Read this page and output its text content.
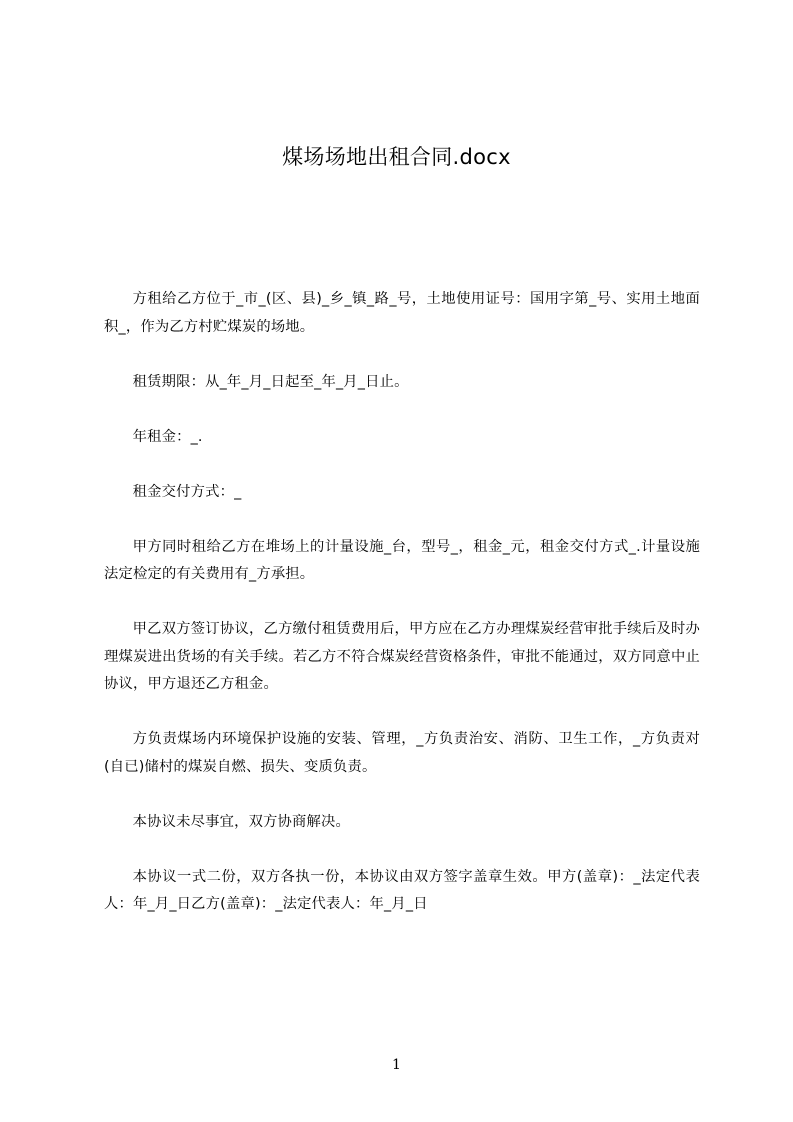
煤场场地出租合同.docx

方租给乙方位于_市_(区、县)_乡_镇_路_号，土地使用证号：国用字第_号、实用土地面积_，作为乙方村贮煤炭的场地。

租赁期限：从_年_月_日起至_年_月_日止。

年租金：_.

租金交付方式：_

甲方同时租给乙方在堆场上的计量设施_台，型号_，租金_元，租金交付方式_.计量设施法定检定的有关费用有_方承担。

甲乙双方签订协议，乙方缴付租赁费用后，甲方应在乙方办理煤炭经营审批手续后及时办理煤炭进出货场的有关手续。若乙方不符合煤炭经营资格条件，审批不能通过，双方同意中止协议，甲方退还乙方租金。

方负责煤场内环境保护设施的安装、管理，_方负责治安、消防、卫生工作，_方负责对(自已)储村的煤炭自燃、损失、变质负责。

本协议未尽事宜，双方协商解决。

本协议一式二份，双方各执一份，本协议由双方签字盖章生效。甲方(盖章)：_法定代表人：年_月_日乙方(盖章)：_法定代表人：年_月_日

1
